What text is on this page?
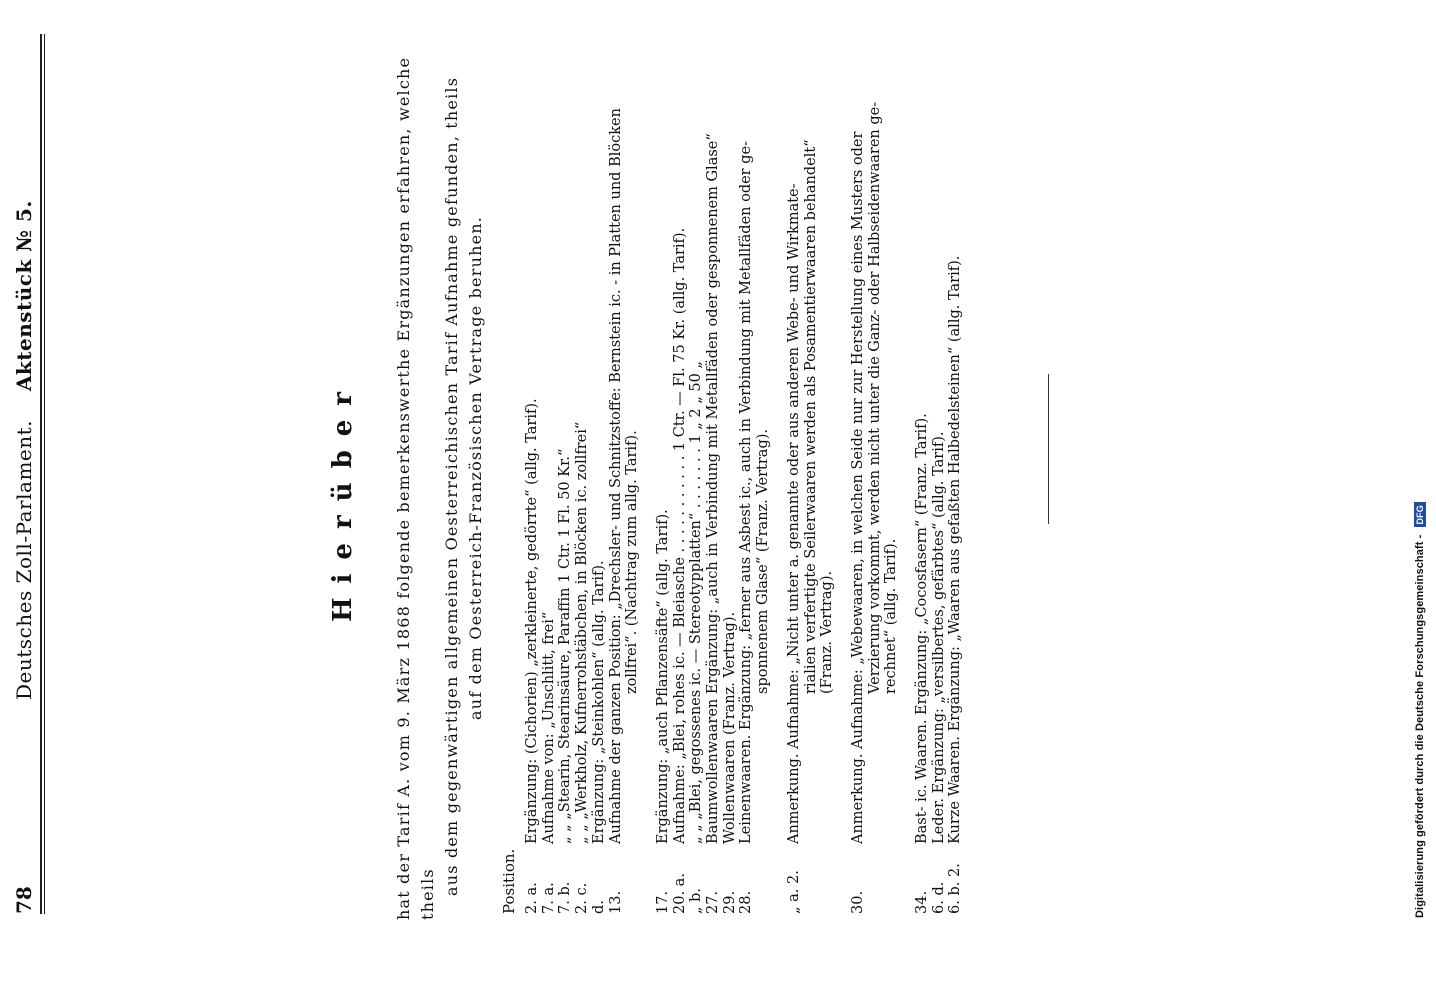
78
Deutsches Zoll-Parlament. Aktenstück № 5.
Hierüber hat der Tarif A. vom 9. März 1868 folgende bemerkenswerthe Ergänzungen erfahren, welche theils aus dem gegenwärtigen allgemeinen Oesterreichischen Tarif Aufnahme gefunden, theils auf dem Oesterreich-Französischen Vertrage beruhen.
Position. 2. a.
Ergänzung: (Cichorien) „zerkleinerte, gedörrte“ (allg. Tarif).
7. a.
Aufnahme von: „Unschlitt, frei“
7. b.
„ „ „Stearin, Stearinsäure, Paraffin 1 Ctr. 1 Fl. 50 Kr.“
2. c.
„ „ „Werkholz, Kufnerrohstäbchen, in Blöcken ic. zollfrei“
d.
Ergänzung: „Steinkohlen“ (allg. Tarif).
13.
Aufnahme der ganzen Position: „Drechsler- und Schnitzstoffe: Bernstein ic. - in Platten und Blöcken zollfrei“. (Nachtrag zum allg. Tarif).
17.
Ergänzung: „auch Pflanzensäfte“ (allg. Tarif).
20. a.
Aufnahme: „Blei, rohes ic. — Bleiasche . . . . . . . . . . . 1 Ctr. — Fl. 75 Kr. (allg. Tarif).
„ b.
„ „ „Blei, gegossenes ic. — Stereotypplatten“ . . . . . . . 1 „ 2 „ 50 „
27.
Baumwollenwaaren Ergänzung: „auch in Verbindung mit Metallfäden oder gesponnenem Glase“
29.
Wollenwaaren (Franz. Vertrag).
28.
Leinenwaaren. Ergänzung: „ferner aus Asbest ic., auch in Verbindung mit Metallfäden oder ge- sponnenem Glase“ (Franz. Vertrag).
„ a. 2.
Anmerkung. Aufnahme: „Nicht unter a. genannte oder aus anderen Webe- und Wirkmate- rialien verfertigte Seilerwaaren werden als Posamentierwaaren behandelt“ (Franz. Vertrag).
30.
Anmerkung. Aufnahme: „Webewaaren, in welchen Seide nur zur Herstellung eines Musters oder Verzierung vorkommt, werden nicht unter die Ganz- oder Halbseidenwaaren ge- rechnet“ (allg. Tarif).
34.
Bast- ic. Waaren. Ergänzung: „Cocosfasern“ (Franz. Tarif).
6. d.
Leder. Ergänzung: „versilbertes, gefärbtes“ (allg. Tarif).
6. b. 2.
Kurze Waaren. Ergänzung: „Waaren aus gefaßten Halbedelsteinen“ (allg. Tarif).	Digitalisierung gefördert durch die Deutsche Forschungsgemeinschaft - DFG
